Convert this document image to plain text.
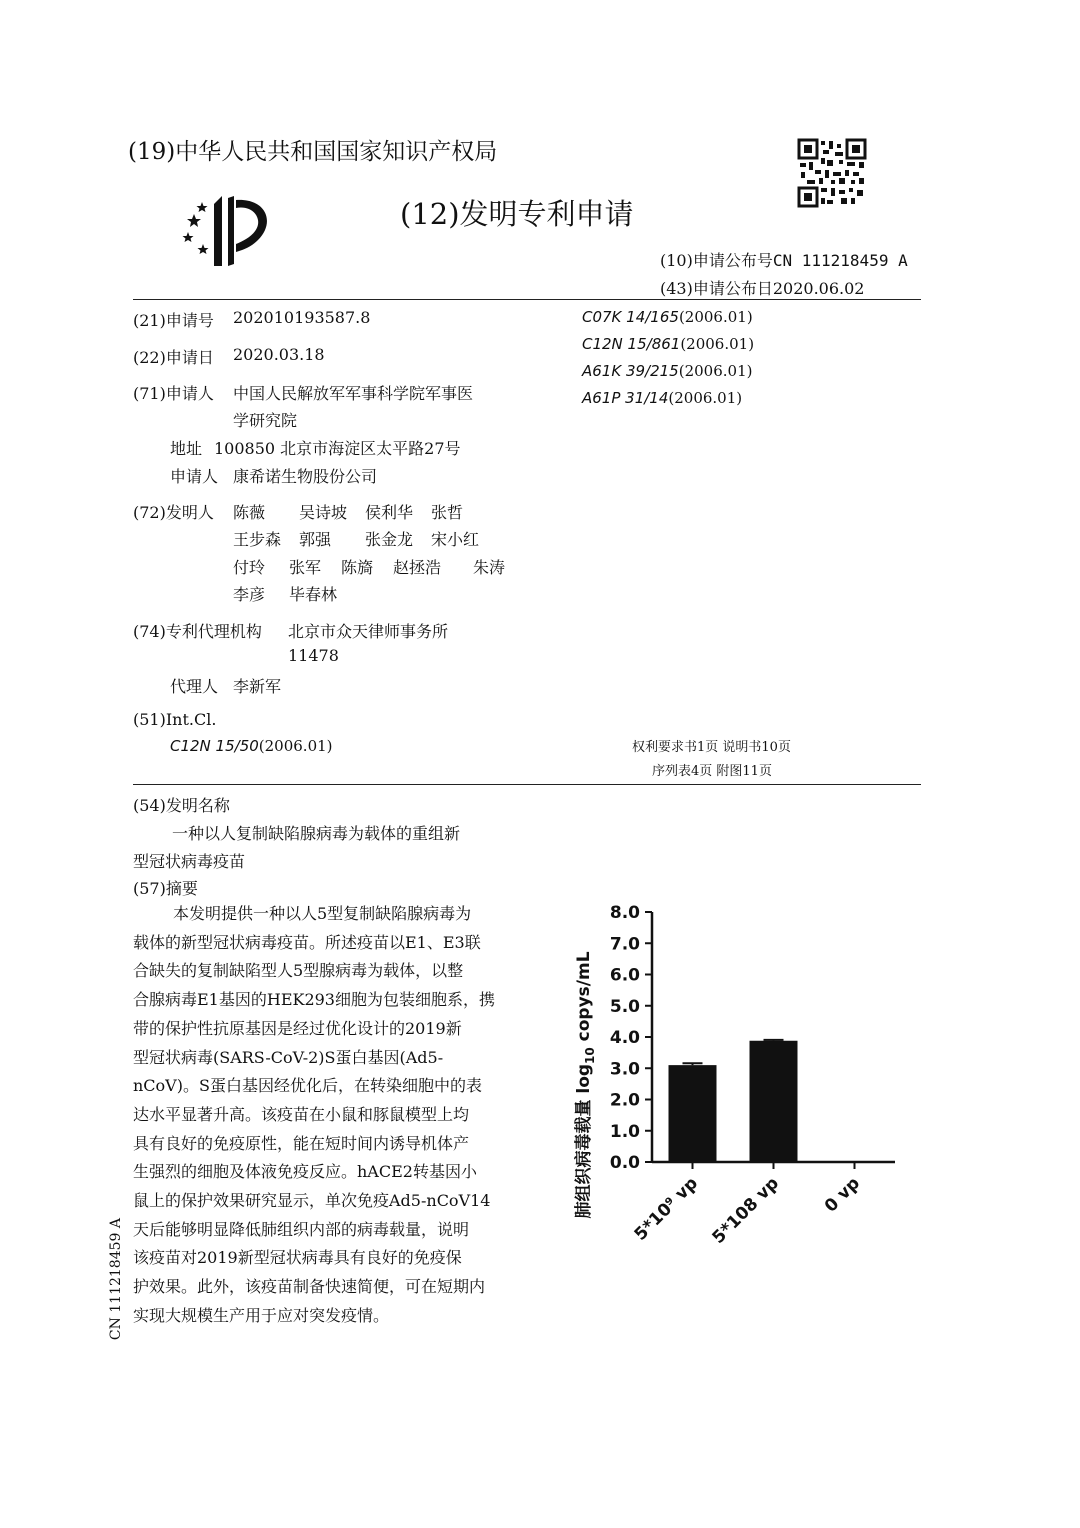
(19)中华人民共和国国家知识产权局
(12)发明专利申请
(10)申请公布号CN 111218459 A
(43)申请公布日2020.06.02
(21)申请号 202010193587.8
(22)申请日 2020.03.18
(71)申请人 中国人民解放军军事科学院军事医
学研究院
地址 100850 北京市海淀区太平路27号
申请人 康希诺生物股份公司
(72)发明人 陈薇 吴诗坡 侯利华 张哲
王步森 郭强 张金龙 宋小红
付玲 张军 陈旖 赵拯浩 朱涛
李彦 毕春林
(74)专利代理机构 北京市众天律师事务所
11478
代理人 李新军
(51)Int.Cl.
C12N 15/50(2006.01)
C07K 14/165(2006.01)
C12N 15/861(2006.01)
A61K 39/215(2006.01)
A61P 31/14(2006.01)
权利要求书1页 说明书10页
序列表4页 附图11页
(54)发明名称
一种以人复制缺陷腺病毒为载体的重组新
型冠状病毒疫苗
(57)摘要
本发明提供一种以人5型复制缺陷腺病毒为
载体的新型冠状病毒疫苗。所述疫苗以E1、E3联
合缺失的复制缺陷型人5型腺病毒为载体，以整
合腺病毒E1基因的HEK293细胞为包装细胞系，携
带的保护性抗原基因是经过优化设计的2019新
型冠状病毒(SARS-CoV-2)S蛋白基因(Ad5-
nCoV)。S蛋白基因经优化后，在转染细胞中的表
达水平显著升高。该疫苗在小鼠和豚鼠模型上均
具有良好的免疫原性，能在短时间内诱导机体产
生强烈的细胞及体液免疫反应。hACE2转基因小
鼠上的保护效果研究显示，单次免疫Ad5-nCoV14
天后能够明显降低肺组织内部的病毒载量，说明
该疫苗对2019新型冠状病毒具有良好的免疫保
护效果。此外，该疫苗制备快速简便，可在短期内
实现大规模生产用于应对突发疫情。
CN 111218459 A
肺组织病毒载量 $\log_{10}$ copys/mL
0.0
1.0
2.0
3.0
4.0
5.0
6.0
7.0
8.0
5*10⁹ vp 5*108 vp 0 vp
